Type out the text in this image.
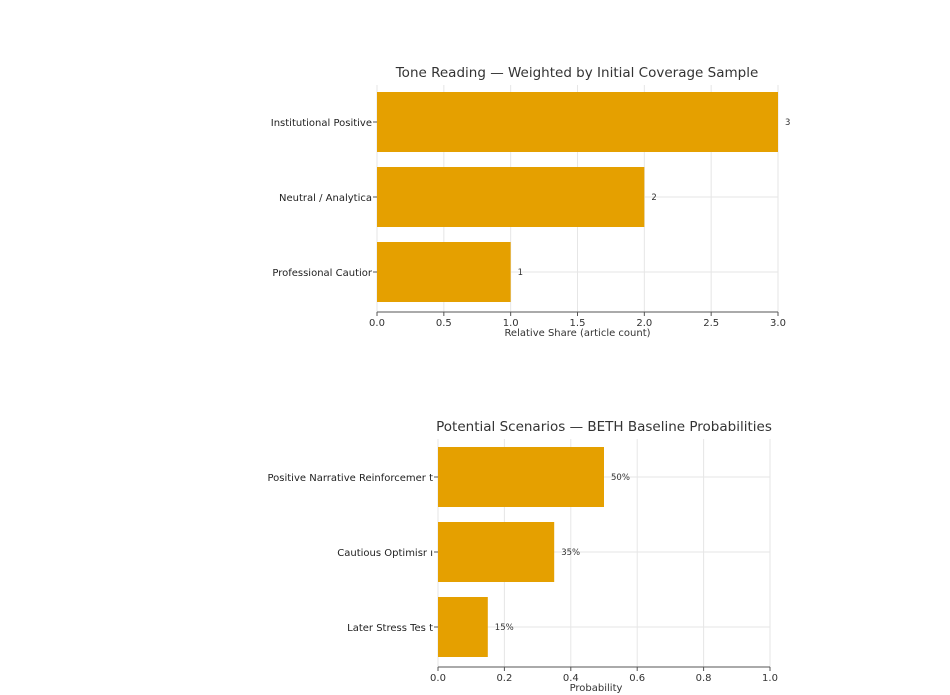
Tone Reading — Weighted by Initial Coverage Sample
0.0	0.5	1.0	1.5	2.0	2.5	3.0
Institutional Positive	3
Neutral / Analytica	2
Professional Cautior	1
Relative Share (article count)
Potential Scenarios — BETH Baseline Probabilities
0.0	0.2	0.4	0.6	0.8	1.0
Positive Narrative Reinforcemer t	50%
Cautious Optimisr ı	35%
Later Stress Tes t	15%
Probability
